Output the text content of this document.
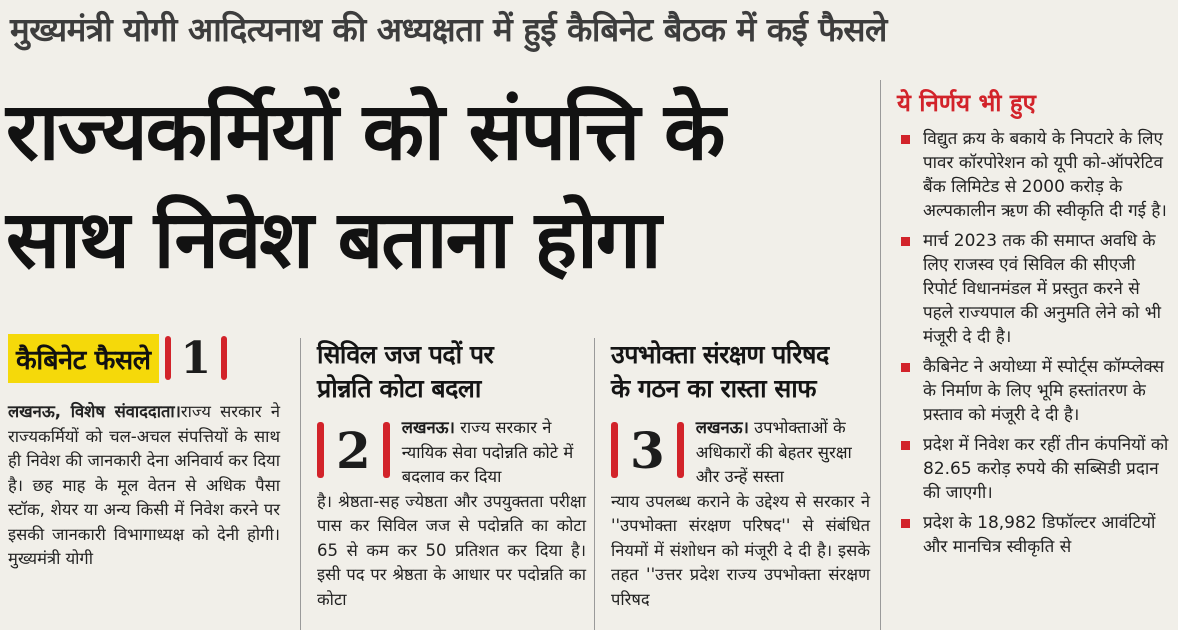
मुख्यमंत्री योगी आदित्यनाथ की अध्यक्षता में हुई कैबिनेट बैठक में कई फैसले
राज्यकर्मियों को संपत्ति के
साथ निवेश बताना होगा
ये निर्णय भी हुए
विद्युत क्रय के बकाये के निपटारे के लिए पावर कॉरपोरेशन को यूपी को-ऑपरेटिव बैंक लिमिटेड से 2000 करोड़ के अल्पकालीन ऋण की स्वीकृति दी गई है।
मार्च 2023 तक की समाप्त अवधि के लिए राजस्व एवं सिविल की सीएजी रिपोर्ट विधानमंडल में प्रस्तुत करने से पहले राज्यपाल की अनुमति लेने को भी मंजूरी दे दी है।
कैबिनेट ने अयोध्या में स्पोर्ट्स कॉम्प्लेक्स के निर्माण के लिए भूमि हस्तांतरण के प्रस्ताव को मंजूरी दे दी है।
प्रदेश में निवेश कर रहीं तीन कंपनियों को 82.65 करोड़ रुपये की सब्सिडी प्रदान की जाएगी।
प्रदेश के 18,982 डिफॉल्टर आवंटियों और मानचित्र स्वीकृति से
कैबिनेट फैसले 1
लखनऊ, विशेष संवाददाता।राज्य सरकार ने राज्यकर्मियों को चल-अचल संपत्तियों के साथ ही निवेश की जानकारी देना अनिवार्य कर दिया है। छह माह के मूल वेतन से अधिक पैसा स्टॉक, शेयर या अन्य किसी में निवेश करने पर इसकी जानकारी विभागाध्यक्ष को देनी होगी। मुख्यमंत्री योगी
सिविल जज पदों पर
प्रोन्नति कोटा बदला
2	लखनऊ। राज्य सरकार ने न्यायिक सेवा पदोन्नति कोटे में बदलाव कर दिया
है। श्रेष्ठता-सह ज्येष्ठता और उपयुक्तता परीक्षा पास कर सिविल जज से पदोन्नति का कोटा 65 से कम कर 50 प्रतिशत कर दिया है। इसी पद पर श्रेष्ठता के आधार पर पदोन्नति का कोटा
उपभोक्ता संरक्षण परिषद
के गठन का रास्ता साफ
3	लखनऊ। उपभोक्ताओं के अधिकारों की बेहतर सुरक्षा और उन्हें सस्ता
न्याय उपलब्ध कराने के उद्देश्य से सरकार ने ''उपभोक्ता संरक्षण परिषद'' से संबंधित नियमों में संशोधन को मंजूरी दे दी है। इसके तहत ''उत्तर प्रदेश राज्य उपभोक्ता संरक्षण परिषद
